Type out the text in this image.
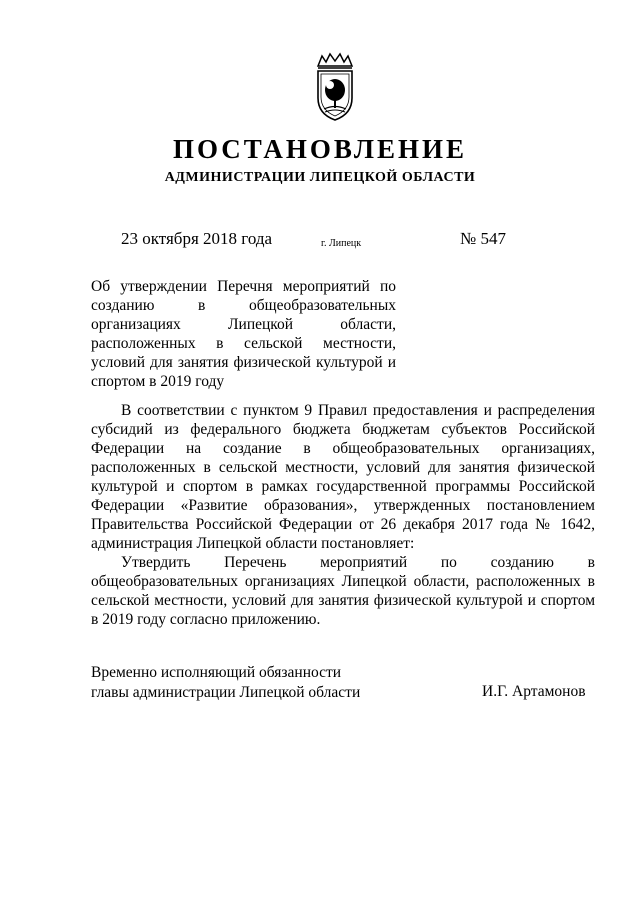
ПОСТАНОВЛЕНИЕ
АДМИНИСТРАЦИИ ЛИПЕЦКОЙ ОБЛАСТИ
23 октября 2018 года	г. Липецк	№ 547
Об утверждении Перечня мероприятий по созданию в общеобразовательных организациях Липецкой области, расположенных в сельской местности, условий для занятия физической культурой и спортом в 2019 году

В соответствии с пунктом 9 Правил предоставления и распределения субсидий из федерального бюджета бюджетам субъектов Российской Федерации на создание в общеобразовательных организациях, расположенных в сельской местности, условий для занятия физической культурой и спортом в рамках государственной программы Российской Федерации «Развитие образования», утвержденных постановлением Правительства Российской Федерации от 26 декабря 2017 года № 1642, администрация Липецкой области постановляет:

Утвердить Перечень мероприятий по созданию в общеобразовательных организациях Липецкой области, расположенных в сельской местности, условий для занятия физической культурой и спортом в 2019 году согласно приложению.

Временно исполняющий обязанности
главы администрации Липецкой области	И.Г. Артамонов
